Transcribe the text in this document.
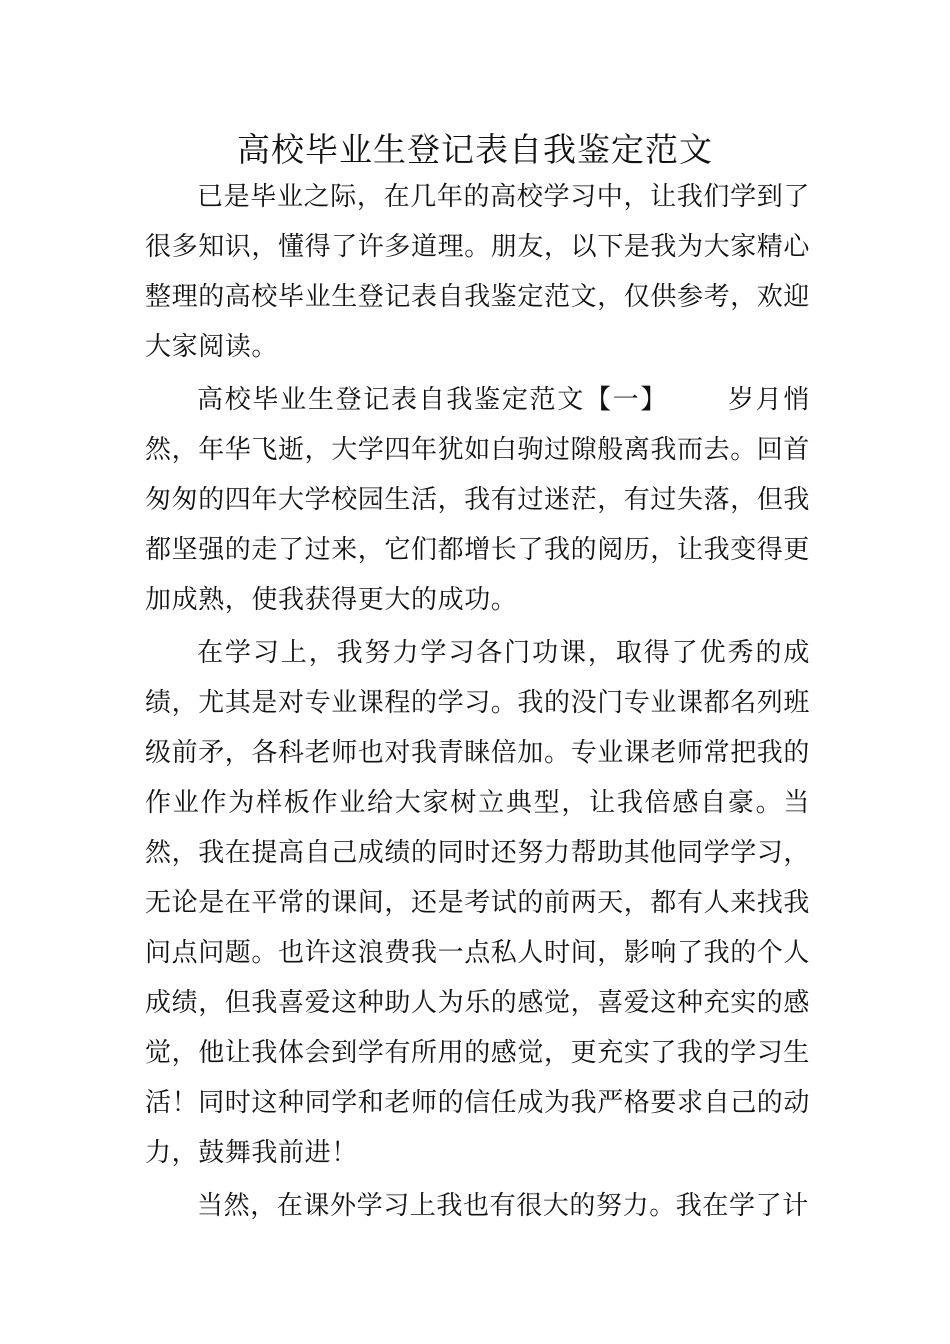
高校毕业生登记表自我鉴定范文

已是毕业之际，在几年的高校学习中，让我们学到了很多知识，懂得了许多道理。朋友，以下是我为大家精心整理的高校毕业生登记表自我鉴定范文，仅供参考，欢迎大家阅读。

高校毕业生登记表自我鉴定范文【一】 岁月悄然，年华飞逝，大学四年犹如白驹过隙般离我而去。回首匆匆的四年大学校园生活，我有过迷茫，有过失落，但我都坚强的走了过来，它们都增长了我的阅历，让我变得更加成熟，使我获得更大的成功。

在学习上，我努力学习各门功课，取得了优秀的成绩，尤其是对专业课程的学习。我的没门专业课都名列班级前矛，各科老师也对我青睐倍加。专业课老师常把我的作业作为样板作业给大家树立典型，让我倍感自豪。当然，我在提高自己成绩的同时还努力帮助其他同学学习，无论是在平常的课间，还是考试的前两天，都有人来找我问点问题。也许这浪费我一点私人时间，影响了我的个人成绩，但我喜爱这种助人为乐的感觉，喜爱这种充实的感觉，他让我体会到学有所用的感觉，更充实了我的学习生活！同时这种同学和老师的信任成为我严格要求自己的动力，鼓舞我前进！

当然，在课外学习上我也有很大的努力。我在学了计
